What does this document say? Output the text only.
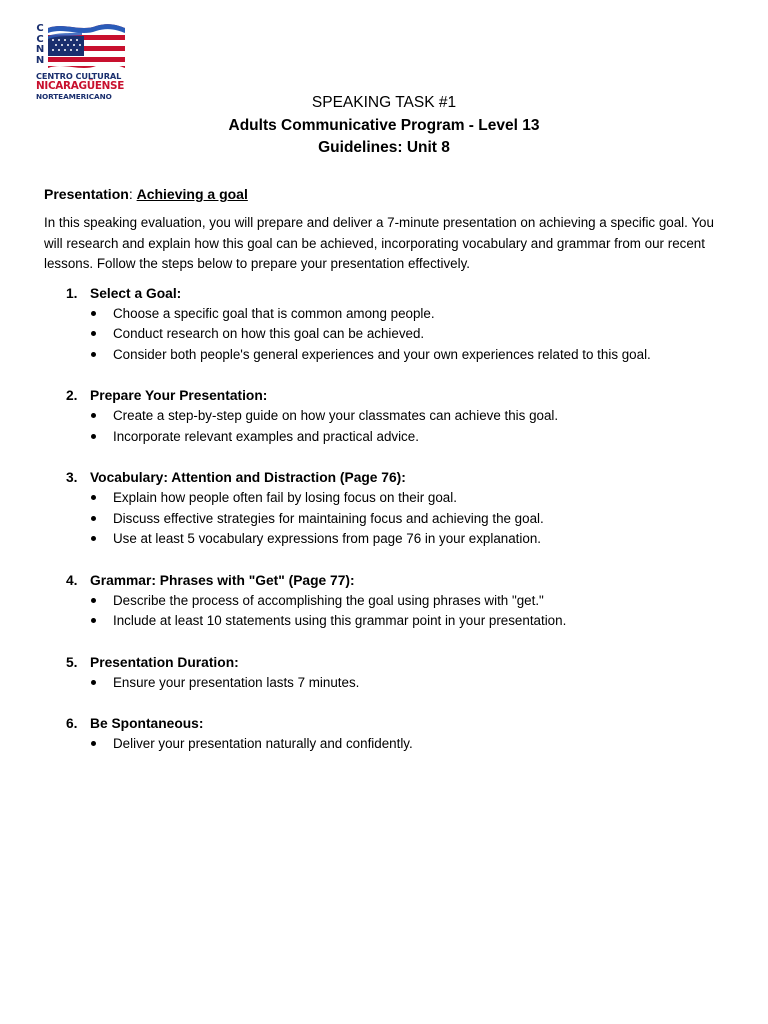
C
C
N
N
CENTRO CULTURAL
NICARAGÜENSE
NORTEAMERICANO	SPEAKING TASK #1
Adults Communicative Program - Level 13
Guidelines: Unit 8

Presentation: Achieving a goal

In this speaking evaluation, you will prepare and deliver a 7-minute presentation on achieving a specific goal. You will research and explain how this goal can be achieved, incorporating vocabulary and grammar from our recent lessons. Follow the steps below to prepare your presentation effectively.

1. Select a Goal:
Choose a specific goal that is common among people.
Conduct research on how this goal can be achieved.
Consider both people's general experiences and your own experiences related to this goal.
2. Prepare Your Presentation:
Create a step-by-step guide on how your classmates can achieve this goal.
Incorporate relevant examples and practical advice.
3. Vocabulary: Attention and Distraction (Page 76):
Explain how people often fail by losing focus on their goal.
Discuss effective strategies for maintaining focus and achieving the goal.
Use at least 5 vocabulary expressions from page 76 in your explanation.
4. Grammar: Phrases with "Get" (Page 77):
Describe the process of accomplishing the goal using phrases with "get."
Include at least 10 statements using this grammar point in your presentation.
5. Presentation Duration:
Ensure your presentation lasts 7 minutes.
6. Be Spontaneous:
Deliver your presentation naturally and confidently.
